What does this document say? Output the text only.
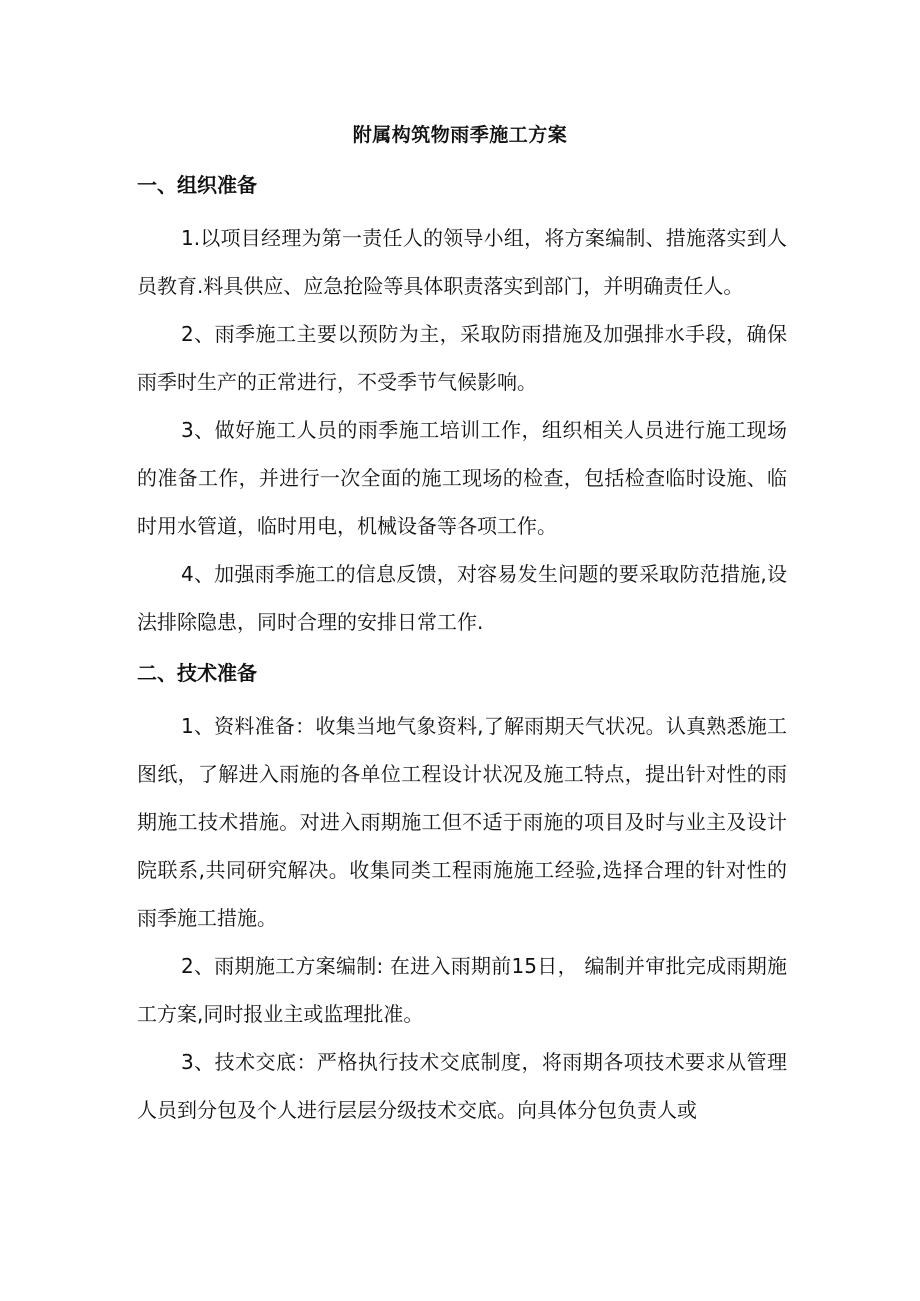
附属构筑物雨季施工方案
一、组织准备

1.以项目经理为第一责任人的领导小组，将方案编制、措施落实到人员教育.料具供应、应急抢险等具体职责落实到部门，并明确责任人。

2、雨季施工主要以预防为主，采取防雨措施及加强排水手段，确保雨季时生产的正常进行，不受季节气候影响。

3、做好施工人员的雨季施工培训工作，组织相关人员进行施工现场的准备工作，并进行一次全面的施工现场的检查，包括检查临时设施、临时用水管道，临时用电，机械设备等各项工作。

4、加强雨季施工的信息反馈，对容易发生问题的要采取防范措施,设法排除隐患，同时合理的安排日常工作.

二、技术准备

1、资料准备：收集当地气象资料,了解雨期天气状况。认真熟悉施工图纸，了解进入雨施的各单位工程设计状况及施工特点，提出针对性的雨期施工技术措施。对进入雨期施工但不适于雨施的项目及时与业主及设计院联系,共同研究解决。收集同类工程雨施施工经验,选择合理的针对性的雨季施工措施。

2、雨期施工方案编制: 在进入雨期前15日， 编制并审批完成雨期施工方案,同时报业主或监理批准。

3、技术交底：严格执行技术交底制度，将雨期各项技术要求从管理人员到分包及个人进行层层分级技术交底。向具体分包负责人或
